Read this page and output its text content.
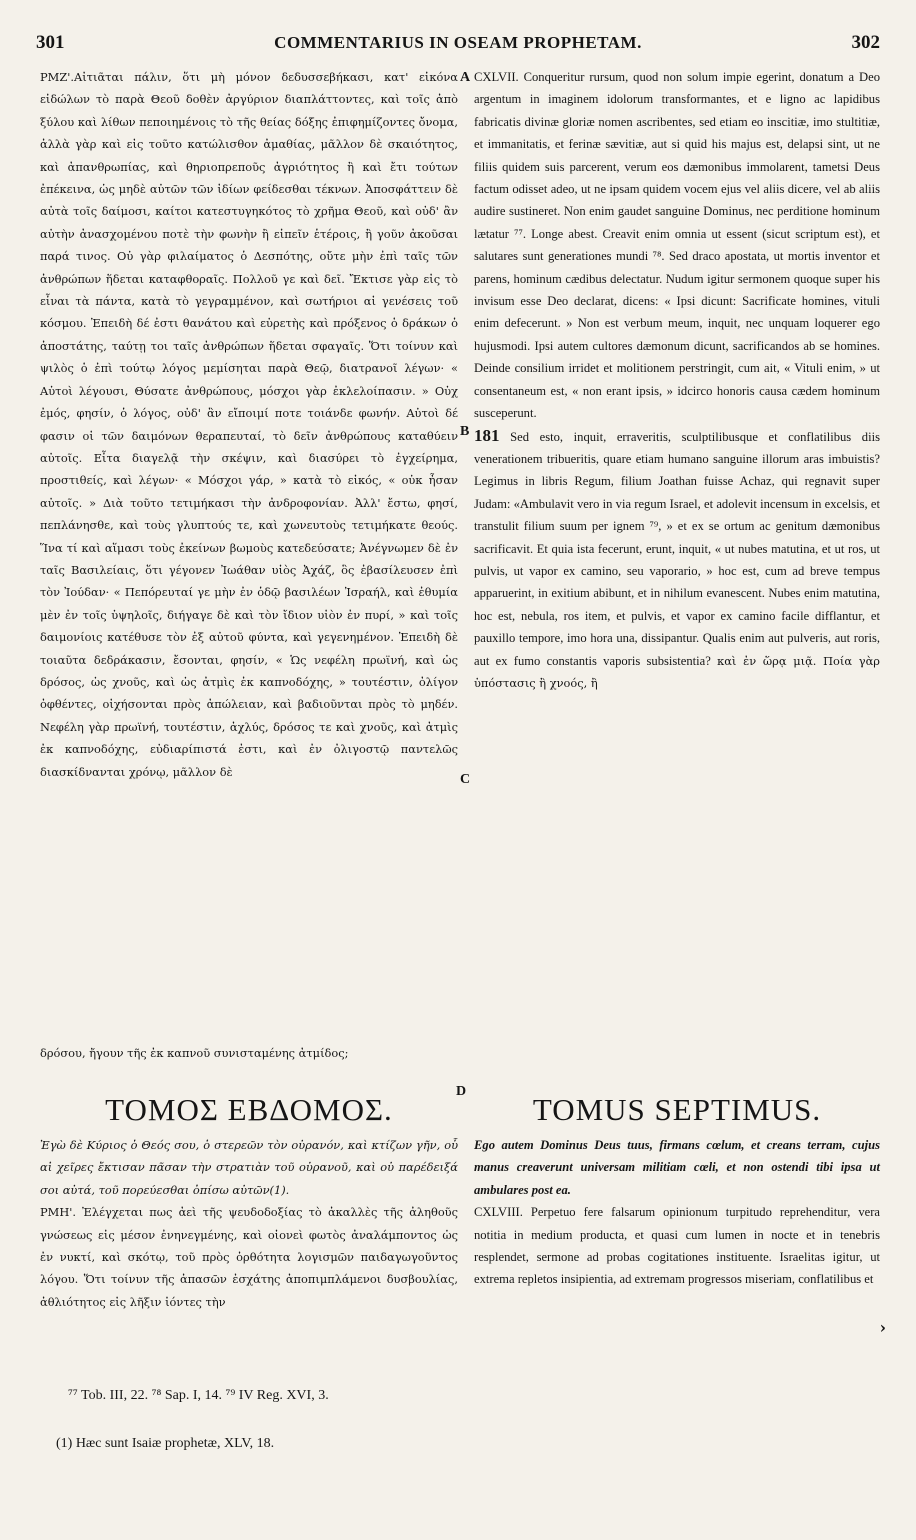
301	COMMENTARIUS IN OSEAM PROPHETAM.	302

ΡΜΖ'.Αἰτιᾶται πάλιν, ὅτι μὴ μόνον δεδυσσεβήκασι, κατ' εἰκόνα εἰδώλων τὸ παρὰ Θεοῦ δοθὲν ἀργύριον διαπλάττοντες, καὶ τοῖς ἀπὸ ξύλου καὶ λίθων πεποιημένοις τὸ τῆς θείας δόξης ἐπιφημίζοντες ὄνομα, ἀλλὰ γὰρ καὶ εἰς τοῦτο κατώλισθον ἀμαθίας, μᾶλλον δὲ σκαιότητος, καὶ ἀπανθρωπίας, καὶ θηριοπρεποῦς ἀγριότητος ἢ καὶ ἔτι τούτων ἐπέκεινα, ὡς μηδὲ αὐτῶν τῶν ἰδίων φείδεσθαι τέκνων. Ἀποσφάττειν δὲ αὐτὰ τοῖς δαίμοσι, καίτοι κατεστυγηκότος τὸ χρῆμα Θεοῦ, καὶ οὐδ' ἂν αὐτὴν ἀνασχομένου ποτὲ τὴν φωνὴν ἢ εἰπεῖν ἑτέροις, ἢ γοῦν ἀκοῦσαι παρά τινος. Οὐ γὰρ φιλαίματος ὁ Δεσπότης, οὔτε μὴν ἐπὶ ταῖς τῶν ἀνθρώπων ἥδεται καταφθοραῖς. Πολλοῦ γε καὶ δεῖ. Ἔκτισε γὰρ εἰς τὸ εἶναι τὰ πάντα, κατὰ τὸ γεγραμμένον, καὶ σωτήριοι αἱ γενέσεις τοῦ κόσμου. Ἐπειδὴ δέ ἐστι θανάτου καὶ εὑρετὴς καὶ πρόξενος ὁ δράκων ὁ ἀποστάτης, ταύτῃ τοι ταῖς ἀνθρώπων ἥδεται σφαγαῖς. Ὅτι τοίνυν καὶ ψιλὸς ὁ ἐπὶ τούτῳ λόγος μεμίσηται παρὰ Θεῷ, διατρανοῖ λέγων· « Αὐτοὶ λέγουσι, Θύσατε ἀνθρώπους, μόσχοι γὰρ ἐκλελοίπασιν. » Οὐχ ἐμός, φησίν, ὁ λόγος, οὐδ' ἂν εἴποιμί ποτε τοιάνδε φωνήν. Αὐτοὶ δέ φασιν οἱ τῶν δαιμόνων θεραπευταί, τὸ δεῖν ἀνθρώπους καταθύειν αὐτοῖς. Εἶτα διαγελᾷ τὴν σκέψιν, καὶ διασύρει τὸ ἐγχείρημα, προστιθείς, καὶ λέγων· « Μόσχοι γάρ, » κατὰ τὸ εἰκός, « οὐκ ἦσαν αὐτοῖς. » Διὰ τοῦτο τετιμήκασι τὴν ἀνδροφονίαν. Ἀλλ' ἔστω, φησί, πεπλάνησθε, καὶ τοὺς γλυπτούς τε, καὶ χωνευτοὺς τετιμήκατε θεούς. Ἵνα τί καὶ αἵμασι τοὺς ἐκείνων βωμοὺς κατεδεύσατε; Ἀνέγνωμεν δὲ ἐν ταῖς Βασιλείαις, ὅτι γέγονεν Ἰωάθαν υἱὸς Ἀχάζ, ὃς ἐβασίλευσεν ἐπὶ τὸν Ἰούδαν· « Πεπόρευταί γε μὴν ἐν ὁδῷ βασιλέων Ἰσραήλ, καὶ ἐθυμία μὲν ἐν τοῖς ὑψηλοῖς, διήγαγε δὲ καὶ τὸν ἴδιον υἱὸν ἐν πυρί, » καὶ τοῖς δαιμονίοις κατέθυσε τὸν ἐξ αὐτοῦ φύντα, καὶ γεγενημένον. Ἐπειδὴ δὲ τοιαῦτα δεδράκασιν, ἔσονται, φησίν, « Ὡς νεφέλη πρωϊνή, καὶ ὡς δρόσος, ὡς χνοῦς, καὶ ὡς ἀτμὶς ἐκ καπνοδόχης, » τουτέστιν, ὀλίγον ὀφθέντες, οἰχήσονται πρὸς ἀπώλειαν, καὶ βαδιοῦνται πρὸς τὸ μηδέν. Νεφέλη γὰρ πρωϊνή, τουτέστιν, ἀχλύς, δρόσος τε καὶ χνοῦς, καὶ ἀτμὶς ἐκ καπνοδόχης, εὐδιαρίπιστά ἐστι, καὶ ἐν ὀλιγοστῷ παντελῶς διασκίδνανται χρόνῳ, μᾶλλον δὲ

CXLVII. Conqueritur rursum, quod non solum impie egerint, donatum a Deo argentum in imaginem idolorum transformantes, et e ligno ac lapidibus fabricatis divinæ gloriæ nomen ascribentes, sed etiam eo inscitiæ, imo stultitiæ, et immanitatis, et ferinæ sævitiæ, aut si quid his majus est, delapsi sint, ut ne filiis quidem suis parcerent, verum eos dæmonibus immolarent, tametsi Deus factum odisset adeo, ut ne ipsam quidem vocem ejus vel aliis dicere, vel ab aliis audire sustineret. Non enim gaudet sanguine Dominus, nec perditione hominum lætatur ⁷⁷. Longe abest. Creavit enim omnia ut essent (sicut scriptum est), et salutares sunt generationes mundi ⁷⁸. Sed draco apostata, ut mortis inventor et parens, hominum cædibus delectatur. Nudum igitur sermonem quoque super his invisum esse Deo declarat, dicens: « Ipsi dicunt: Sacrificate homines, vituli enim defecerunt. » Non est verbum meum, inquit, nec unquam loquerer ego hujusmodi. Ipsi autem cultores dæmonum dicunt, sacrificandos ab se homines. Deinde consilium irridet et molitionem perstringit, cum ait, « Vituli enim, » ut consentaneum est, « non erant ipsis, » idcirco honoris causa cædem hominum susceperunt.

181 Sed esto, inquit, erraveritis, sculptilibusque et conflatilibus diis venerationem tribueritis, quare etiam humano sanguine illorum aras imbuistis? Legimus in libris Regum, filium Joathan fuisse Achaz, qui regnavit super Judam: «Ambulavit vero in via regum Israel, et adolevit incensum in excelsis, et transtulit filium suum per ignem ⁷⁹, » et ex se ortum ac genitum dæmonibus sacrificavit. Et quia ista fecerunt, erunt, inquit, « ut nubes matutina, et ut ros, ut pulvis, ut vapor ex camino, seu vaporario, » hoc est, cum ad breve tempus apparuerint, in exitium abibunt, et in nihilum evanescent. Nubes enim matutina, hoc est, nebula, ros item, et pulvis, et vapor ex camino facile difflantur, et pauxillo tempore, imo hora una, dissipantur. Qualis enim aut pulveris, aut roris, aut ex fumo constantis vaporis subsistentia? καὶ ἐν ὥρᾳ μιᾷ. Ποία γὰρ ὑπόστασις ἢ χνοός, ἢ

A
B
C
D
δρόσου, ἤγουν τῆς ἐκ καπνοῦ συνισταμένης ἀτμίδος;
ΤΟΜΟΣ ΕΒΔΟΜΟΣ.	TOMUS SEPTIMUS.

Ἐγὼ δὲ Κύριος ὁ Θεός σου, ὁ στερεῶν τὸν οὐρανόν, καὶ κτίζων γῆν, οὗ αἱ χεῖρες ἔκτισαν πᾶσαν τὴν στρατιὰν τοῦ οὐρανοῦ, καὶ οὐ παρέδειξά σοι αὐτά, τοῦ πορεύεσθαι ὀπίσω αὐτῶν(1).

ΡΜΗ'. Ἐλέγχεται πως ἀεὶ τῆς ψευδοδοξίας τὸ ἀκαλλὲς τῆς ἀληθοῦς γνώσεως εἰς μέσον ἐνηνεγμένης, καὶ οἱονεὶ φωτὸς ἀναλάμποντος ὡς ἐν νυκτί, καὶ σκότῳ, τοῦ πρὸς ὀρθότητα λογισμῶν παιδαγωγοῦντος λόγου. Ὅτι τοίνυν τῆς ἀπασῶν ἐσχάτης ἀποπιμπλάμενοι δυσβουλίας, ἀθλιότητος εἰς λῆξιν ἰόντες τὴν

Ego autem Dominus Deus tuus, firmans cœlum, et creans terram, cujus manus creaverunt universam militiam cœli, et non ostendi tibi ipsa ut ambulares post ea.

CXLVIII. Perpetuo fere falsarum opinionum turpitudo reprehenditur, vera notitia in medium producta, et quasi cum lumen in nocte et in tenebris resplendet, sermone ad probas cogitationes instituente. Israelitas igitur, ut extrema repletos insipientia, ad extremam progressos miseriam, conflatilibus et

›
⁷⁷ Tob. III, 22. ⁷⁸ Sap. I, 14. ⁷⁹ IV Reg. XVI, 3.
(1) Hæc sunt Isaiæ prophetæ, XLV, 18.
